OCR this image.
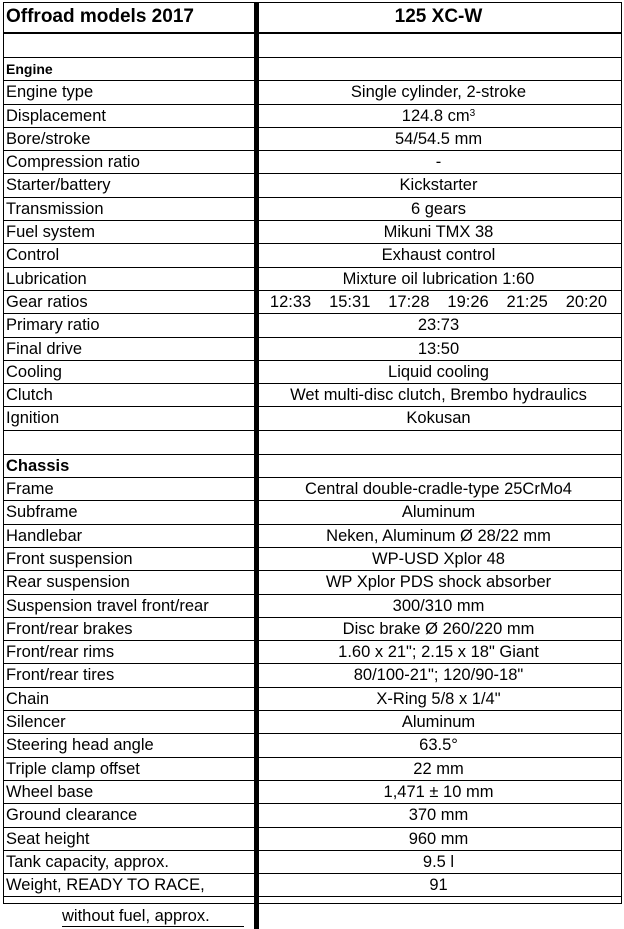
Offroad models 2017	125 XC-W
Engine
Engine type	Single cylinder, 2-stroke
Displacement	124.8 $cm^3$
Bore/stroke	54/54.5 mm
Compression ratio	-
Starter/battery	Kickstarter
Transmission	6 gears
Fuel system	Mikuni TMX 38
Control	Exhaust control
Lubrication	Mixture oil lubrication 1:60
Gear ratios	12:33 15:31 17:28 19:26 21:25 20:20
Primary ratio	23:73
Final drive	13:50
Cooling	Liquid cooling
Clutch	Wet multi-disc clutch, Brembo hydraulics
Ignition	Kokusan
Chassis
Frame	Central double-cradle-type 25CrMo4
Subframe	Aluminum
Handlebar	Neken, Aluminum Ø 28/22 mm
Front suspension	WP-USD Xplor 48
Rear suspension	WP Xplor PDS shock absorber
Suspension travel front/rear	300/310 mm
Front/rear brakes	Disc brake Ø 260/220 mm
Front/rear rims	1.60 x 21"; 2.15 x 18" Giant
Front/rear tires	80/100-21"; 120/90-18"
Chain	X-Ring 5/8 x 1/4"
Silencer	Aluminum
Steering head angle	63.5°
Triple clamp offset	22 mm
Wheel base	1,471 ± 10 mm
Ground clearance	370 mm
Seat height	960 mm
Tank capacity, approx.	9.5 l
Weight, READY TO RACE,	91
without fuel, approx.
